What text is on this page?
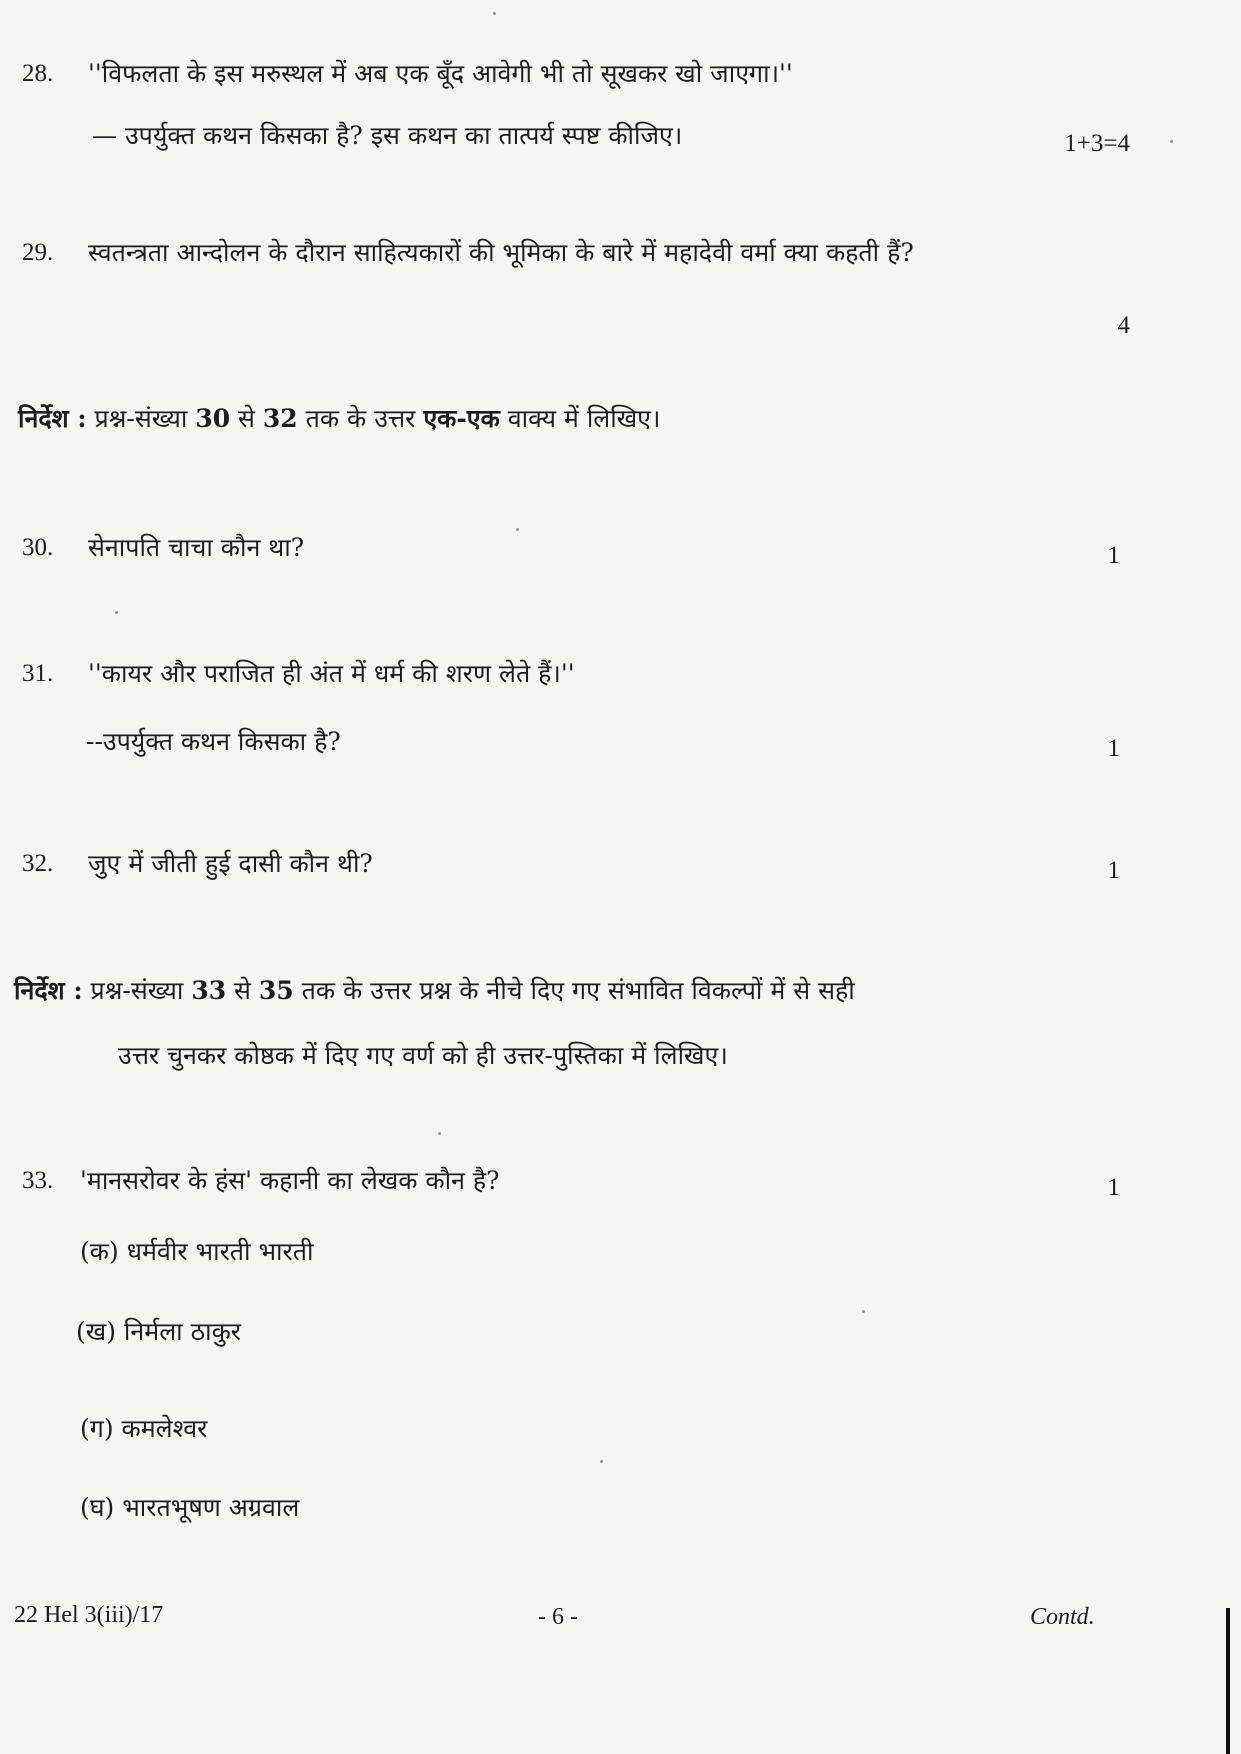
28. ''विफलता के इस मरुस्थल में अब एक बूँद आवेगी भी तो सूखकर खो जाएगा।''
— उपर्युक्त कथन किसका है? इस कथन का तात्पर्य स्पष्ट कीजिए।	1+3=4
29. स्वतन्त्रता आन्दोलन के दौरान साहित्यकारों की भूमिका के बारे में महादेवी वर्मा क्या कहती हैं?
4
निर्देश : प्रश्न-संख्या 30 से 32 तक के उत्तर एक-एक वाक्य में लिखिए।
30. सेनापति चाचा कौन था?	1
31. ''कायर और पराजित ही अंत में धर्म की शरण लेते हैं।''
--उपर्युक्त कथन किसका है?	1
32. जुए में जीती हुई दासी कौन थी?	1
निर्देश : प्रश्न-संख्या 33 से 35 तक के उत्तर प्रश्न के नीचे दिए गए संभावित विकल्पों में से सही
उत्तर चुनकर कोष्ठक में दिए गए वर्ण को ही उत्तर-पुस्तिका में लिखिए।
33. 'मानसरोवर के हंस' कहानी का लेखक कौन है?	1
(क) धर्मवीर भारती भारती
(ख) निर्मला ठाकुर
(ग) कमलेश्वर
(घ) भारतभूषण अग्रवाल
22 Hel 3(iii)/17	- 6 -	Contd.
